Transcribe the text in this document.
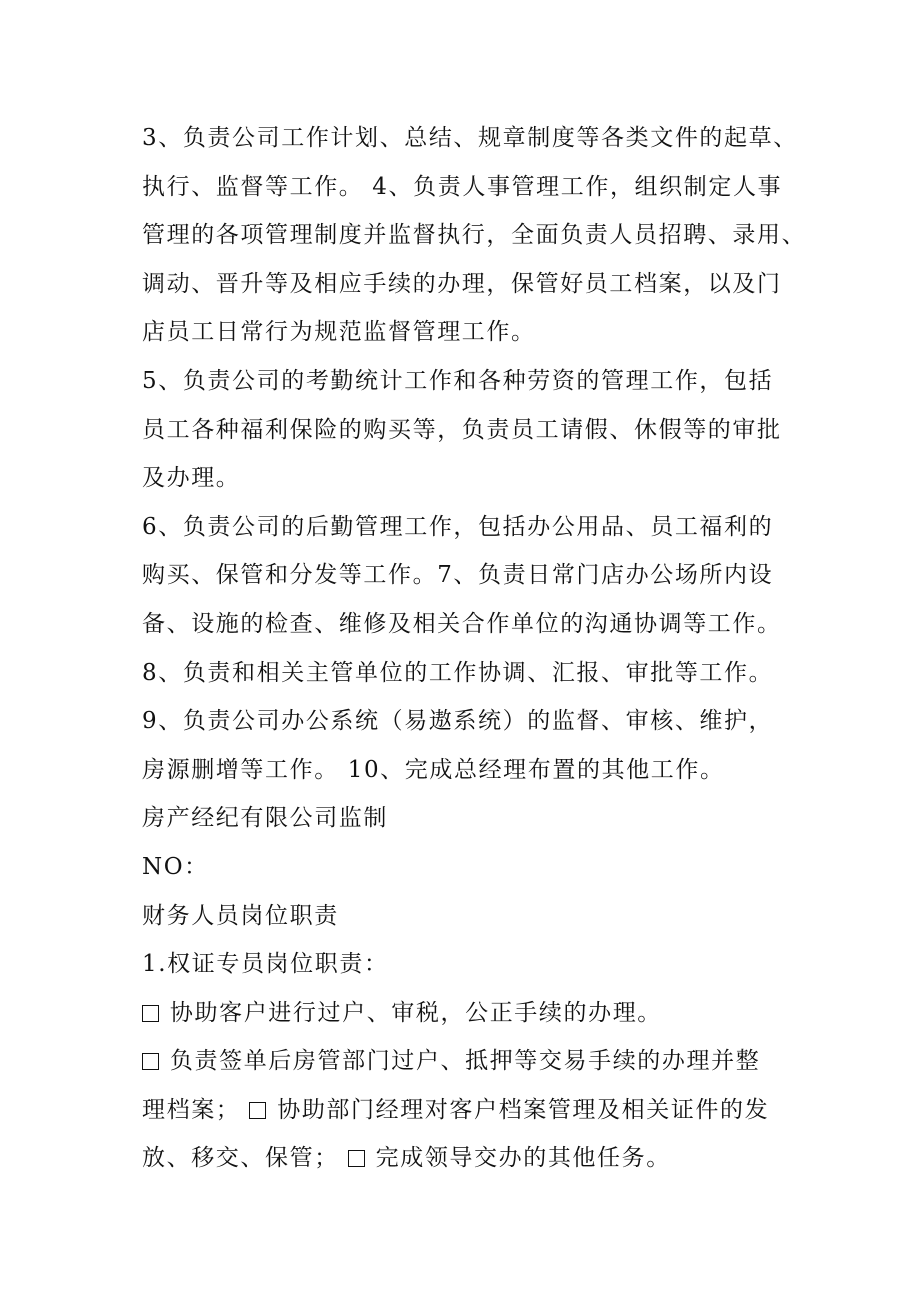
3、负责公司工作计划、总结、规章制度等各类文件的起草、
执行、监督等工作。 4、负责人事管理工作，组织制定人事
管理的各项管理制度并监督执行，全面负责人员招聘、录用、
调动、晋升等及相应手续的办理，保管好员工档案，以及门
店员工日常行为规范监督管理工作。
5、负责公司的考勤统计工作和各种劳资的管理工作，包括
员工各种福利保险的购买等，负责员工请假、休假等的审批
及办理。
6、负责公司的后勤管理工作，包括办公用品、员工福利的
购买、保管和分发等工作。7、负责日常门店办公场所内设
备、设施的检查、维修及相关合作单位的沟通协调等工作。
8、负责和相关主管单位的工作协调、汇报、审批等工作。
9、负责公司办公系统（易遨系统）的监督、审核、维护，
房源删增等工作。 10、完成总经理布置的其他工作。
房产经纪有限公司监制
NO：
财务人员岗位职责
1.权证专员岗位职责：
协助客户进行过户、审税，公正手续的办理。
负责签单后房管部门过户、抵押等交易手续的办理并整
理档案；  协助部门经理对客户档案管理及相关证件的发
放、移交、保管；  完成领导交办的其他任务。
